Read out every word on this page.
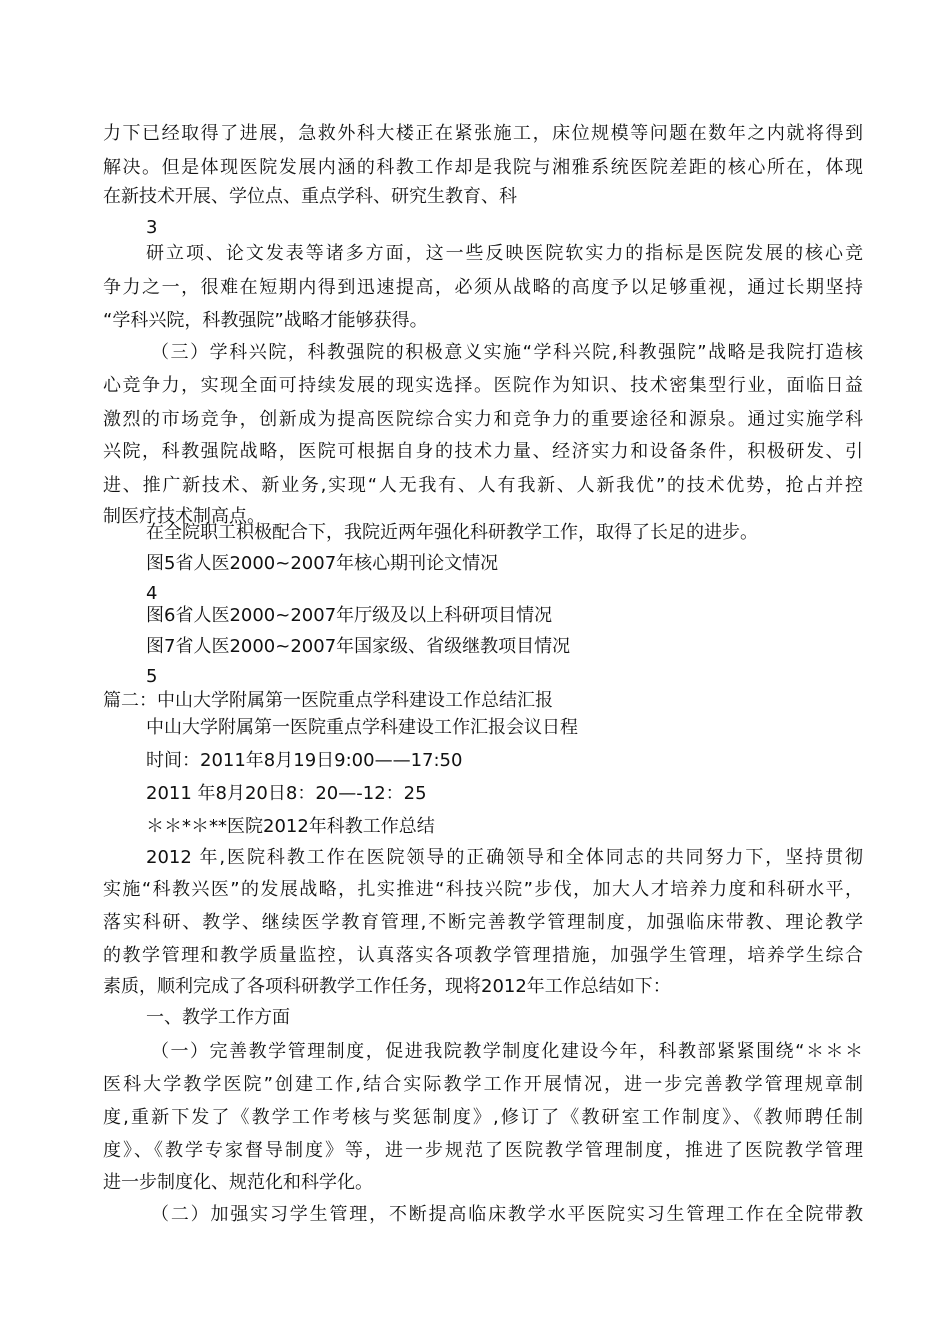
力下已经取得了进展，急救外科大楼正在紧张施工，床位规模等问题在数年之内就将得到
解决。但是体现医院发展内涵的科教工作却是我院与湘雅系统医院差距的核心所在，体现
在新技术开展、学位点、重点学科、研究生教育、科
3
研立项、论文发表等诸多方面，这一些反映医院软实力的指标是医院发展的核心竞
争力之一，很难在短期内得到迅速提高，必须从战略的高度予以足够重视，通过长期坚持
“学科兴院，科教强院”战略才能够获得。
（三）学科兴院，科教强院的积极意义实施“学科兴院,科教强院”战略是我院打造核
心竞争力，实现全面可持续发展的现实选择。医院作为知识、技术密集型行业，面临日益
激烈的市场竞争，创新成为提高医院综合实力和竞争力的重要途径和源泉。通过实施学科
兴院，科教强院战略，医院可根据自身的技术力量、经济实力和设备条件，积极研发、引
进、推广新技术、新业务,实现“人无我有、人有我新、人新我优”的技术优势，抢占并控
制医疗技术制高点。
在全院职工积极配合下，我院近两年强化科研教学工作，取得了长足的进步。
图5省人医2000~2007年核心期刊论文情况
4
图6省人医2000~2007年厅级及以上科研项目情况
图7省人医2000~2007年国家级、省级继教项目情况
5
篇二：中山大学附属第一医院重点学科建设工作总结汇报
中山大学附属第一医院重点学科建设工作汇报会议日程
时间：2011年8月19日9:00——17:50
2011 年8月20日8：20—-12：25
＊＊*＊**医院2012年科教工作总结
2012 年,医院科教工作在医院领导的正确领导和全体同志的共同努力下，坚持贯彻
实施“科教兴医”的发展战略，扎实推进“科技兴院”步伐，加大人才培养力度和科研水平，
落实科研、教学、继续医学教育管理,不断完善教学管理制度，加强临床带教、理论教学
的教学管理和教学质量监控，认真落实各项教学管理措施，加强学生管理，培养学生综合
素质，顺利完成了各项科研教学工作任务，现将2012年工作总结如下：
一、教学工作方面
（一）完善教学管理制度，促进我院教学制度化建设今年，科教部紧紧围绕“＊＊＊
医科大学教学医院”创建工作,结合实际教学工作开展情况，进一步完善教学管理规章制
度,重新下发了《教学工作考核与奖惩制度》,修订了《教研室工作制度》、《教师聘任制
度》、《教学专家督导制度》等，进一步规范了医院教学管理制度，推进了医院教学管理
进一步制度化、规范化和科学化。
（二）加强实习学生管理，不断提高临床教学水平医院实习生管理工作在全院带教
